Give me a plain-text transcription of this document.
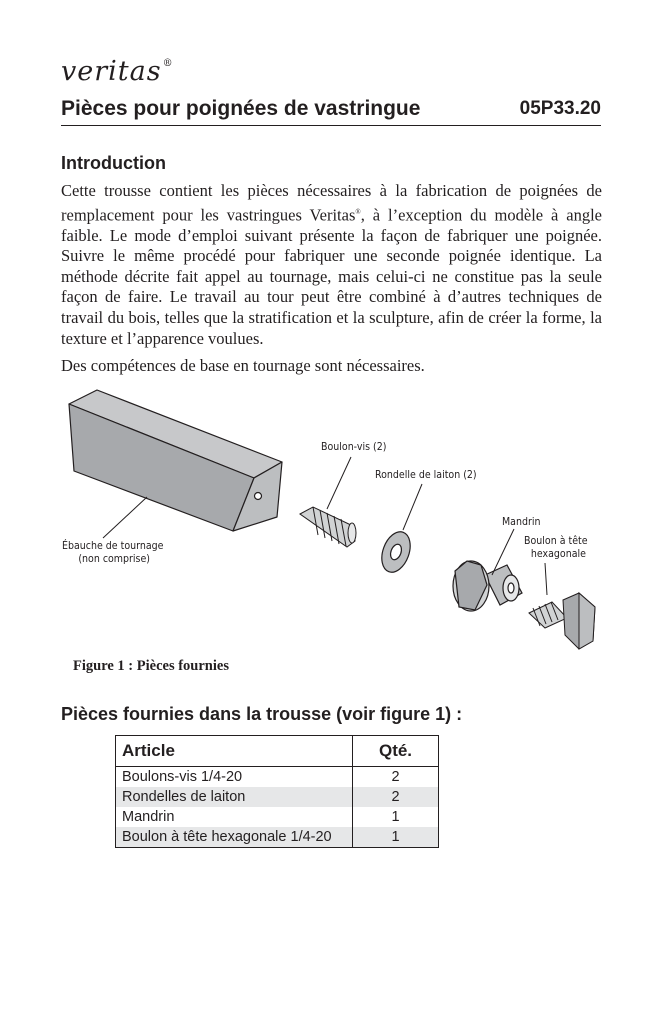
veritas®
Pièces pour poignées de vastringue	05P33.20
Introduction

Cette trousse contient les pièces nécessaires à la fabrication de poignées de remplacement pour les vastringues Veritas®, à l’exception du modèle à angle faible. Le mode d’emploi suivant présente la façon de fabriquer une poignée. Suivre le même procédé pour fabriquer une seconde poignée identique. La méthode décrite fait appel au tournage, mais celui-ci ne constitue pas la seule façon de faire. Le travail au tour peut être combiné à d’autres techniques de travail du bois, telles que la stratification et la sculpture, afin de créer la forme, la texture et l’apparence voulues.

Des compétences de base en tournage sont nécessaires.

Ébauche de tournage
(non comprise)
Boulon-vis (2)
Rondelle de laiton (2)
Mandrin
Boulon à tête
hexagonale
Figure 1 : Pièces fournies
Pièces fournies dans la trousse (voir figure 1) :
Article	Qté.
Boulons-vis 1/4-20	2
Rondelles de laiton	2
Mandrin	1
Boulon à tête hexagonale 1/4-20	1
